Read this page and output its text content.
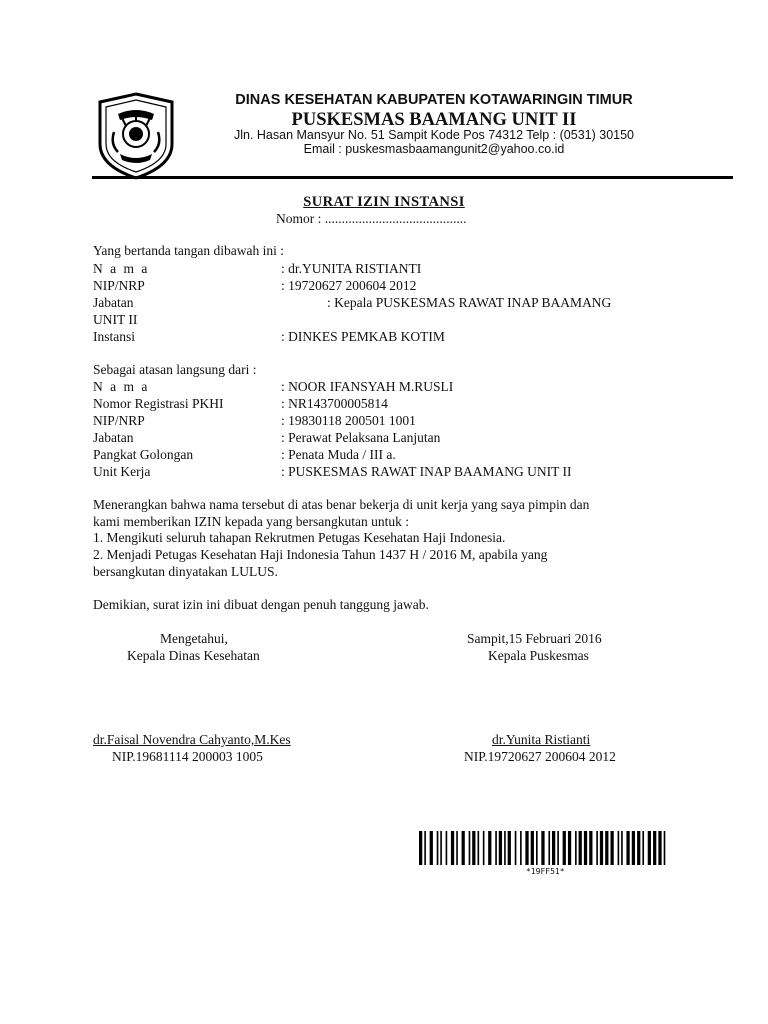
DINAS KESEHATAN KABUPATEN KOTAWARINGIN TIMUR
PUSKESMAS BAAMANG UNIT II
Jln. Hasan Mansyur No. 51 Sampit Kode Pos 74312 Telp : (0531) 30150
Email : puskesmasbaamangunit2@yahoo.co.id
SURAT IZIN INSTANSI
Nomor : ..........................................
Yang bertanda tangan dibawah ini :
N a m a	: dr.YUNITA RISTIANTI
NIP/NRP	: 19720627 200604 2012
Jabatan	: Kepala PUSKESMAS RAWAT INAP BAAMANG
UNIT II
Instansi	: DINKES PEMKAB KOTIM
Sebagai atasan langsung dari :
N a m a	: NOOR IFANSYAH M.RUSLI
Nomor Registrasi PKHI	: NR143700005814
NIP/NRP	: 19830118 200501 1001
Jabatan	: Perawat Pelaksana Lanjutan
Pangkat Golongan	: Penata Muda / III a.
Unit Kerja	: PUSKESMAS RAWAT INAP BAAMANG UNIT II
Menerangkan bahwa nama tersebut di atas benar bekerja di unit kerja yang saya pimpin dan
kami memberikan IZIN kepada yang bersangkutan untuk :
1. Mengikuti seluruh tahapan Rekrutmen Petugas Kesehatan Haji Indonesia.
2. Menjadi Petugas Kesehatan Haji Indonesia Tahun 1437 H / 2016 M, apabila yang
bersangkutan dinyatakan LULUS.
Demikian, surat izin ini dibuat dengan penuh tanggung jawab.
Mengetahui,
Kepala Dinas Kesehatan
Sampit,15 Februari 2016
Kepala Puskesmas
dr.Faisal Novendra Cahyanto,M.Kes
NIP.19681114 200003 1005
dr.Yunita Ristianti
NIP.19720627 200604 2012
*19FF51*
